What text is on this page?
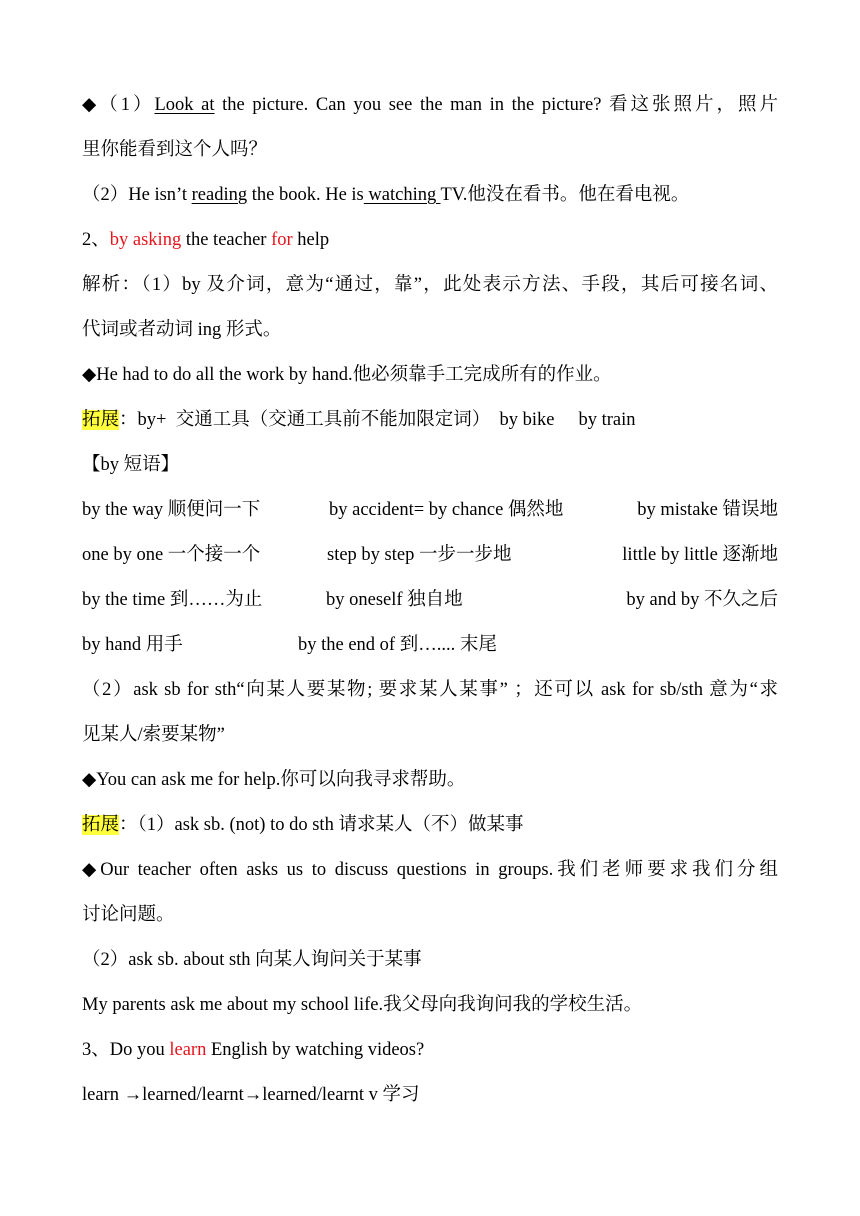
◆（1）Look at the picture. Can you see the man in the picture? 看这张照片，照片
里你能看到这个人吗？
（2）He isn’t reading the book. He is watching TV.他没在看书。他在看电视。
2、by asking the teacher for help
解析：（1）by 及介词，意为“通过，靠”，此处表示方法、手段，其后可接名词、
代词或者动词 ing 形式。
◆He had to do all the work by hand.他必须靠手工完成所有的作业。
拓展：by+  交通工具（交通工具前不能加限定词）  by bike by train
【by 短语】
by the way 顺便问一下	by accident= by chance 偶然地	by mistake 错误地
one by one 一个接一个	step by step 一步一步地	little by little 逐渐地
by the time 到……为止	by oneself 独自地	by and by 不久之后
by hand 用手	by the end of 到….... 末尾
（2）ask sb for sth“向某人要某物; 要求某人某事” ；还可以 ask for sb/sth 意为“求
见某人/索要某物”
◆You can ask me for help.你可以向我寻求帮助。
拓展：（1）ask sb. (not) to do sth 请求某人（不）做某事
◆Our teacher often asks us to discuss questions in groups.我们老师要求我们分组
讨论问题。
（2）ask sb. about sth 向某人询问关于某事
My parents ask me about my school life.我父母向我询问我的学校生活。
3、Do you learn English by watching videos?
learn →learned/learnt→learned/learnt v 学习
